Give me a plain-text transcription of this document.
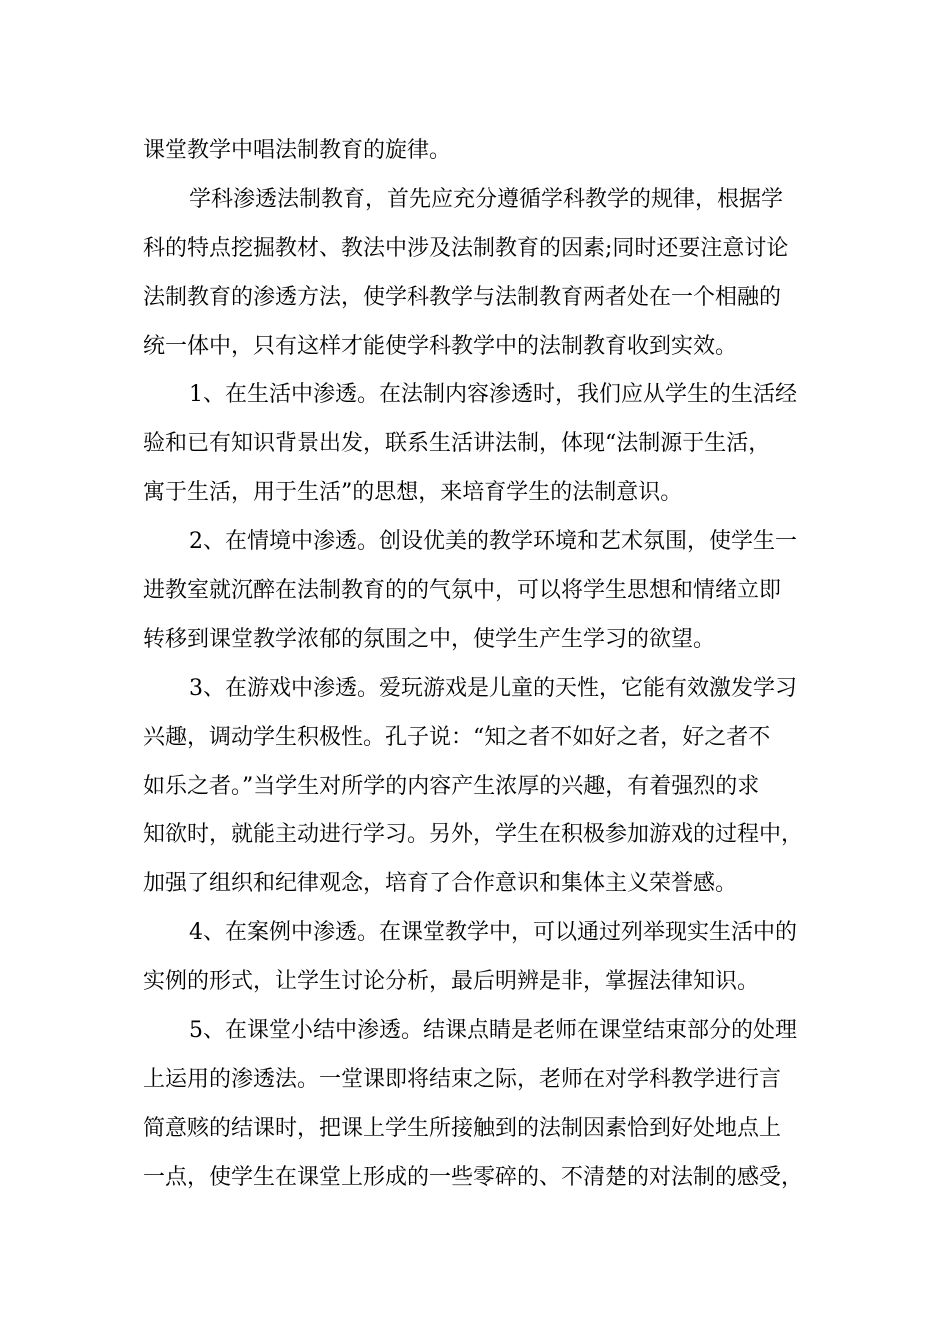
课堂教学中唱法制教育的旋律。
学科渗透法制教育，首先应充分遵循学科教学的规律，根据学
科的特点挖掘教材、教法中涉及法制教育的因素;同时还要注意讨论
法制教育的渗透方法，使学科教学与法制教育两者处在一个相融的
统一体中，只有这样才能使学科教学中的法制教育收到实效。
1、在生活中渗透。在法制内容渗透时，我们应从学生的生活经
验和已有知识背景出发，联系生活讲法制，体现“法制源于生活，
寓于生活，用于生活”的思想，来培育学生的法制意识。
2、在情境中渗透。创设优美的教学环境和艺术氛围，使学生一
进教室就沉醉在法制教育的的气氛中，可以将学生思想和情绪立即
转移到课堂教学浓郁的氛围之中，使学生产生学习的欲望。
3、在游戏中渗透。爱玩游戏是儿童的天性，它能有效激发学习
兴趣，调动学生积极性。孔子说：“知之者不如好之者，好之者不
如乐之者。”当学生对所学的内容产生浓厚的兴趣，有着强烈的求
知欲时，就能主动进行学习。另外，学生在积极参加游戏的过程中，
加强了组织和纪律观念，培育了合作意识和集体主义荣誉感。
4、在案例中渗透。在课堂教学中，可以通过列举现实生活中的
实例的形式，让学生讨论分析，最后明辨是非，掌握法律知识。
5、在课堂小结中渗透。结课点睛是老师在课堂结束部分的处理
上运用的渗透法。一堂课即将结束之际，老师在对学科教学进行言
简意赅的结课时，把课上学生所接触到的法制因素恰到好处地点上
一点，使学生在课堂上形成的一些零碎的、不清楚的对法制的感受，
